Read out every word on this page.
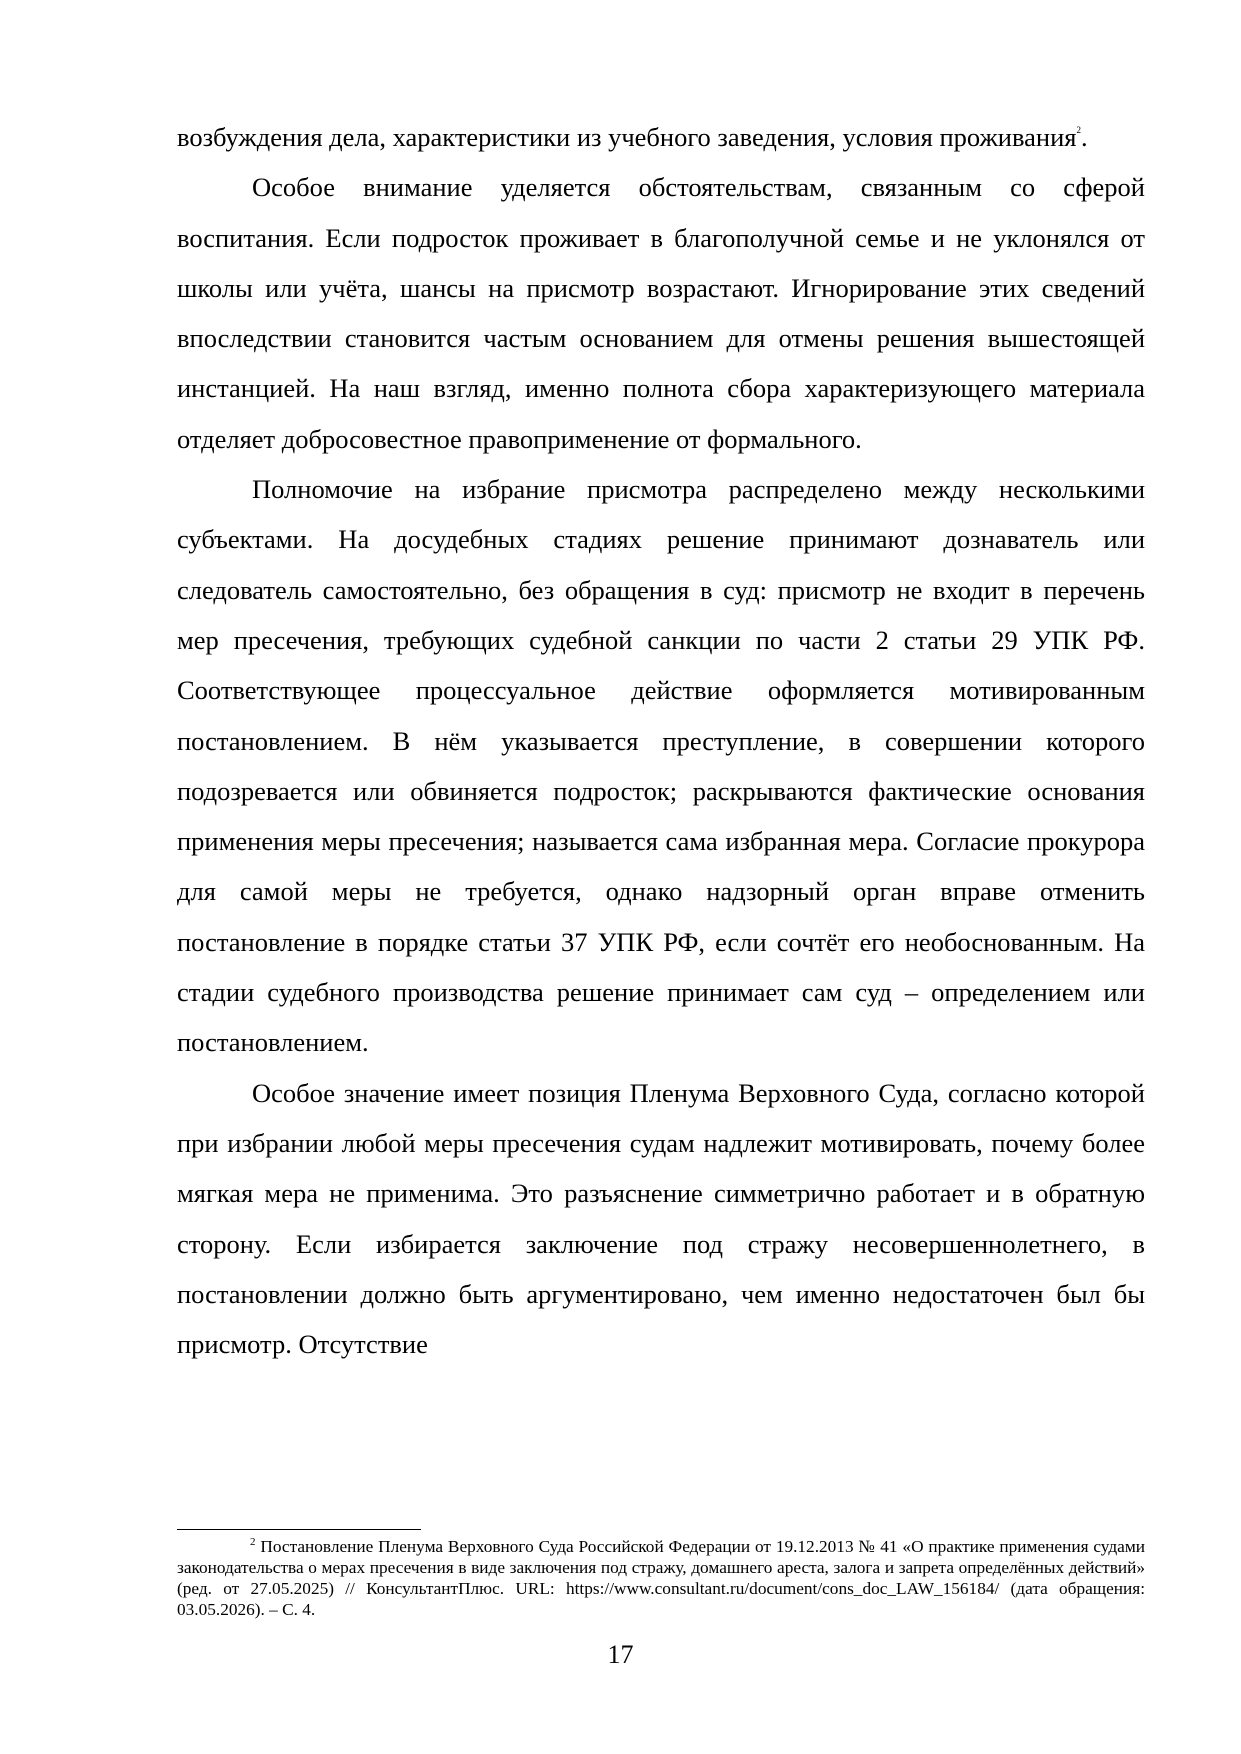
возбуждения дела, характеристики из учебного заведения, условия проживания$^2$.

Особое внимание уделяется обстоятельствам, связанным со сферой воспитания. Если подросток проживает в благополучной семье и не уклонялся от школы или учёта, шансы на присмотр возрастают. Игнорирование этих сведений впоследствии становится частым основанием для отмены решения вышестоящей инстанцией. На наш взгляд, именно полнота сбора характеризующего материала отделяет добросовестное правоприменение от формального.

Полномочие на избрание присмотра распределено между несколькими субъектами. На досудебных стадиях решение принимают дознаватель или следователь самостоятельно, без обращения в суд: присмотр не входит в перечень мер пресечения, требующих судебной санкции по части 2 статьи 29 УПК РФ. Соответствующее процессуальное действие оформляется мотивированным постановлением. В нём указывается преступление, в совершении которого подозревается или обвиняется подросток; раскрываются фактические основания применения меры пресечения; называется сама избранная мера. Согласие прокурора для самой меры не требуется, однако надзорный орган вправе отменить постановление в порядке статьи 37 УПК РФ, если сочтёт его необоснованным. На стадии судебного производства решение принимает сам суд – определением или постановлением.

Особое значение имеет позиция Пленума Верховного Суда, согласно которой при избрании любой меры пресечения судам надлежит мотивировать, почему более мягкая мера не применима. Это разъяснение симметрично работает и в обратную сторону. Если избирается заключение под стражу несовершеннолетнего, в постановлении должно быть аргументировано, чем именно недостаточен был бы присмотр. Отсутствие

$^2$ Постановление Пленума Верховного Суда Российской Федерации от 19.12.2013 № 41 «О практике применения судами законодательства о мерах пресечения в виде заключения под стражу, домашнего ареста, залога и запрета определённых действий» (ред. от 27.05.2025) // КонсультантПлюс. URL: https://www.consultant.ru/document/cons_doc_LAW_156184/ (дата обращения: 03.05.2026). – С. 4.
17
